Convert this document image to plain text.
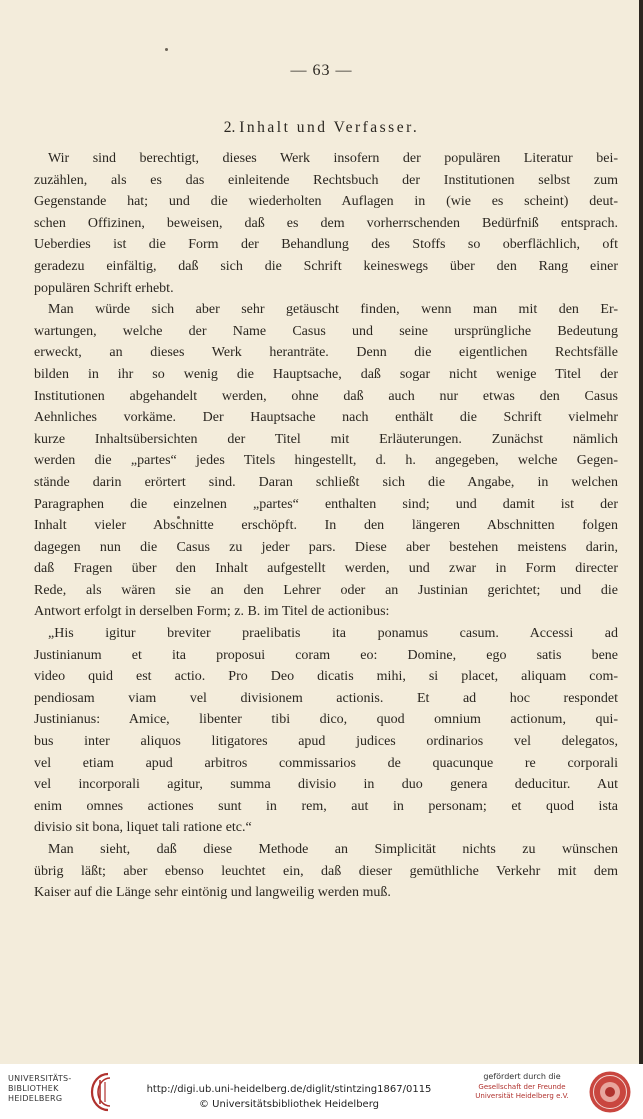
— 63 —
2. Inhalt und Verfasser.
Wir sind berechtigt, dieses Werk insofern der populären Literatur bei-
zuzählen, als es das einleitende Rechtsbuch der Institutionen selbst zum
Gegenstande hat; und die wiederholten Auflagen in (wie es scheint) deut-
schen Offizinen, beweisen, daß es dem vorherrschenden Bedürfniß entsprach.
Ueberdies ist die Form der Behandlung des Stoffs so oberflächlich, oft
geradezu einfältig, daß sich die Schrift keineswegs über den Rang einer
populären Schrift erhebt.
Man würde sich aber sehr getäuscht finden, wenn man mit den Er-
wartungen, welche der Name Casus und seine ursprüngliche Bedeutung
erweckt, an dieses Werk heranträte. Denn die eigentlichen Rechtsfälle
bilden in ihr so wenig die Hauptsache, daß sogar nicht wenige Titel der
Institutionen abgehandelt werden, ohne daß auch nur etwas den Casus
Aehnliches vorkäme. Der Hauptsache nach enthält die Schrift vielmehr
kurze Inhaltsübersichten der Titel mit Erläuterungen. Zunächst nämlich
werden die „partes“ jedes Titels hingestellt, d. h. angegeben, welche Gegen-
stände darin erörtert sind. Daran schließt sich die Angabe, in welchen
Paragraphen die einzelnen „partes“ enthalten sind; und damit ist der
Inhalt vieler Abschnitte erschöpft. In den längeren Abschnitten folgen
dagegen nun die Casus zu jeder pars. Diese aber bestehen meistens darin,
daß Fragen über den Inhalt aufgestellt werden, und zwar in Form directer
Rede, als wären sie an den Lehrer oder an Justinian gerichtet; und die
Antwort erfolgt in derselben Form; z. B. im Titel de actionibus:
„His igitur breviter praelibatis ita ponamus casum. Accessi ad
Justinianum et ita proposui coram eo: Domine, ego satis bene
video quid est actio. Pro Deo dicatis mihi, si placet, aliquam com-
pendiosam viam vel divisionem actionis. Et ad hoc respondet
Justinianus: Amice, libenter tibi dico, quod omnium actionum, qui-
bus inter aliquos litigatores apud judices ordinarios vel delegatos,
vel etiam apud arbitros commissarios de quacunque re corporali
vel incorporali agitur, summa divisio in duo genera deducitur. Aut
enim omnes actiones sunt in rem, aut in personam; et quod ista
divisio sit bona, liquet tali ratione etc.“
Man sieht, daß diese Methode an Simplicität nichts zu wünschen
übrig läßt; aber ebenso leuchtet ein, daß dieser gemüthliche Verkehr mit dem
Kaiser auf die Länge sehr eintönig und langweilig werden muß.
UNIVERSITÄTS-
BIBLIOTHEK
HEIDELBERG
http://digi.ub.uni-heidelberg.de/diglit/stintzing1867/0115
© Universitätsbibliothek Heidelberg
gefördert durch die
Gesellschaft der Freunde
Universität Heidelberg e.V.
